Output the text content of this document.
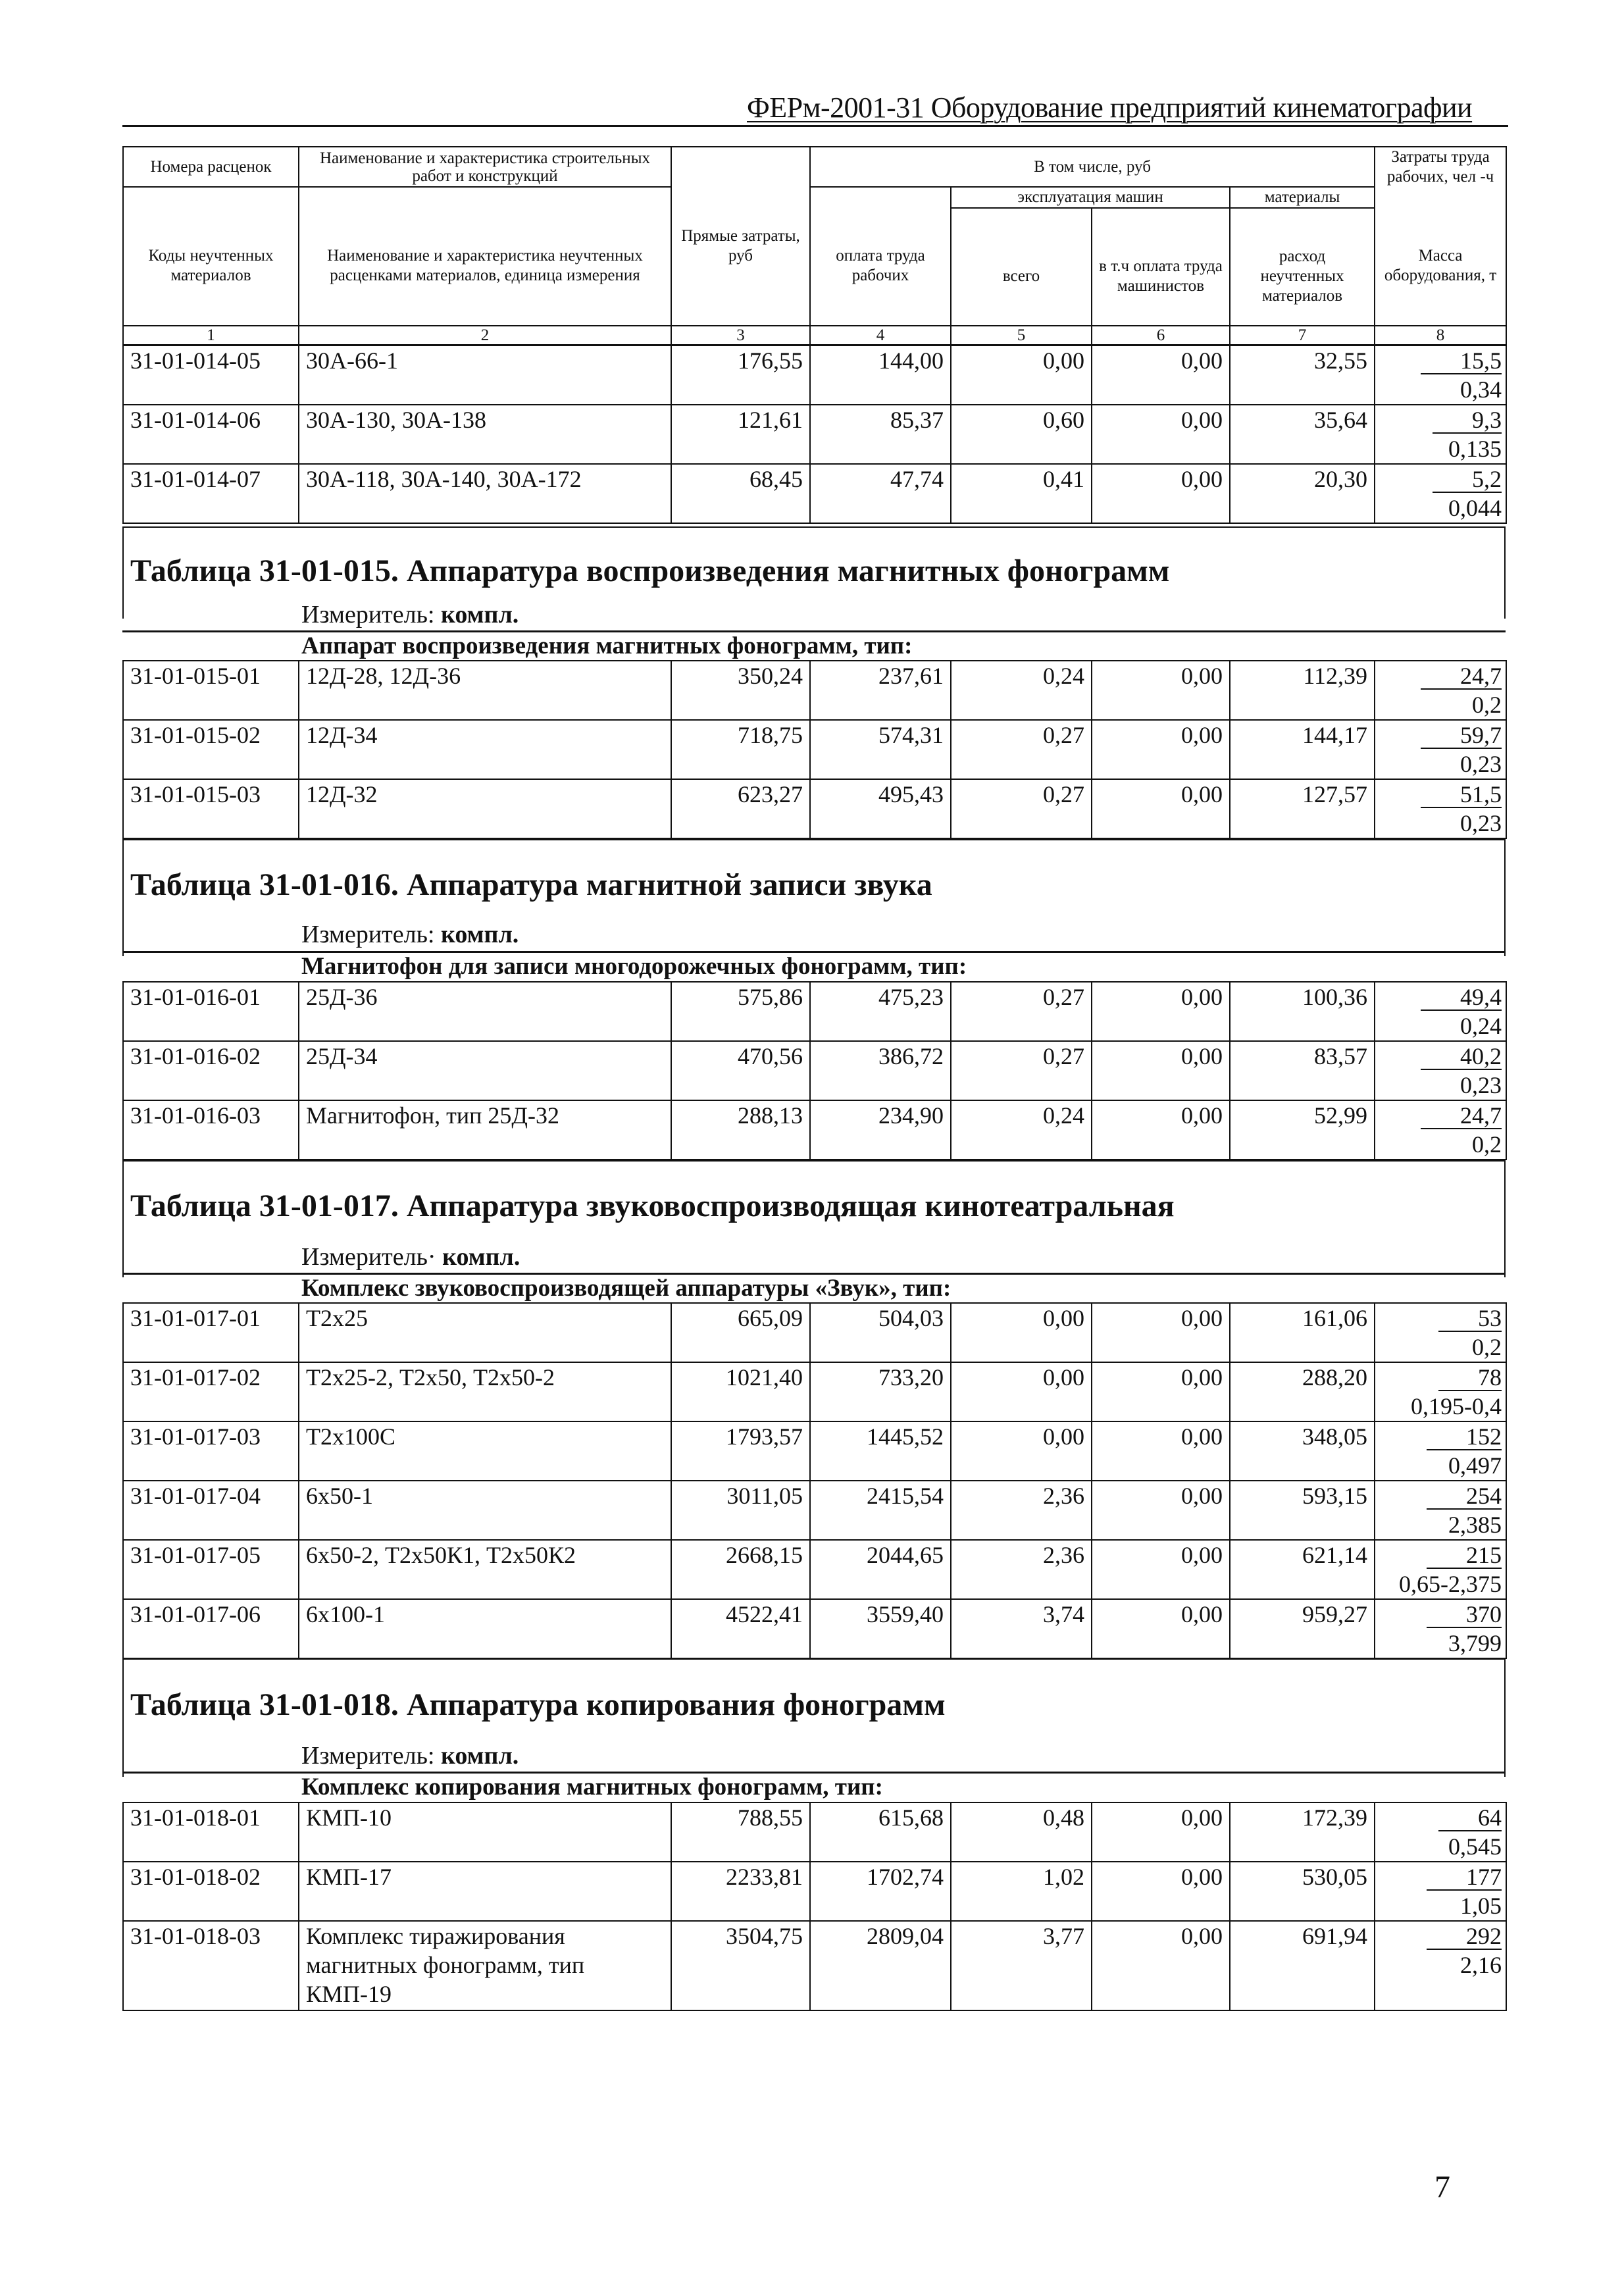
ФЕРм-2001-31 Оборудование предприятий кинематографии
Номера расценок	Наименование и характеристика строительных работ и конструкций	Прямые затраты, руб	В том числе, руб				Затраты труда рабочих, чел -ч
Коды неучтенных материалов	Наименование и характеристика неучтенных расценками материалов, единица измерения		оплата труда рабочих	эксплуатация машин		материалы	Масса оборудования, т
				всего	в т.ч оплата труда машинистов	расход неучтенных материалов	
1	2	3	4	5	6	7	8
31-01-014-05	30А-66-1	176,55	144,00	0,00	0,00	32,55	15,5
0,34

31-01-014-06	30А-130, 30А-138	121,61	85,37	0,60	0,00	35,64	9,3
0,135

31-01-014-07	30А-118, 30А-140, 30А-172	68,45	47,74	0,41	0,00	20,30	5,2
0,044
Таблица 31-01-015. Аппаратура воспроизведения магнитных фонограмм
Измеритель: компл.
Аппарат воспроизведения магнитных фонограмм, тип:
31-01-015-01	12Д-28, 12Д-36	350,24	237,61	0,24	0,00	112,39	24,7
0,2

31-01-015-02	12Д-34	718,75	574,31	0,27	0,00	144,17	59,7
0,23

31-01-015-03	12Д-32	623,27	495,43	0,27	0,00	127,57	51,5
0,23
Таблица 31-01-016. Аппаратура магнитной записи звука
Измеритель: компл.
Магнитофон для записи многодорожечных фонограмм, тип:
31-01-016-01	25Д-36	575,86	475,23	0,27	0,00	100,36	49,4
0,24

31-01-016-02	25Д-34	470,56	386,72	0,27	0,00	83,57	40,2
0,23

31-01-016-03	Магнитофон, тип 25Д-32	288,13	234,90	0,24	0,00	52,99	24,7
0,2
Таблица 31-01-017. Аппаратура звуковоспроизводящая кинотеатральная
Измеритель· компл.
Комплекс звуковоспроизводящей аппаратуры «Звук», тип:
31-01-017-01	Т2х25	665,09	504,03	0,00	0,00	161,06	53
0,2

31-01-017-02	Т2х25-2, Т2х50, Т2х50-2	1021,40	733,20	0,00	0,00	288,20	78
0,195-0,4

31-01-017-03	Т2х100С	1793,57	1445,52	0,00	0,00	348,05	152
0,497

31-01-017-04	6х50-1	3011,05	2415,54	2,36	0,00	593,15	254
2,385

31-01-017-05	6х50-2, Т2х50К1, Т2х50К2	2668,15	2044,65	2,36	0,00	621,14	215
0,65-2,375

31-01-017-06	6х100-1	4522,41	3559,40	3,74	0,00	959,27	370
3,799
Таблица 31-01-018. Аппаратура копирования фонограмм
Измеритель: компл.
Комплекс копирования магнитных фонограмм, тип:
31-01-018-01	КМП-10	788,55	615,68	0,48	0,00	172,39	64
0,545

31-01-018-02	КМП-17	2233,81	1702,74	1,02	0,00	530,05	177
1,05

31-01-018-03	Комплекс тиражирования магнитных фонограмм, тип КМП-19	3504,75	2809,04	3,77	0,00	691,94	292
2,16
7
